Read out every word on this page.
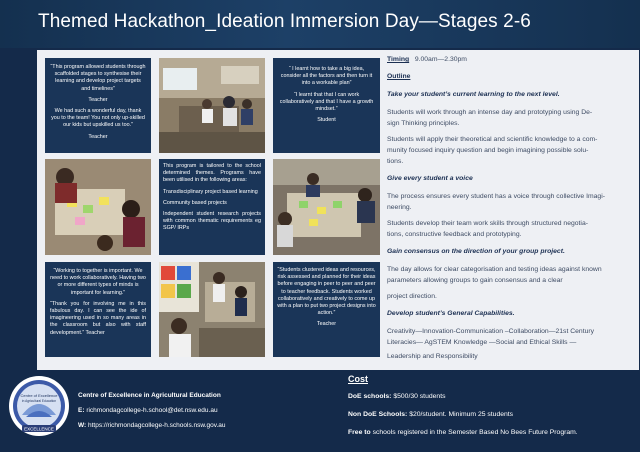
Themed Hackathon_Ideation Immersion Day—Stages 2-6

“This program allowed students through scaffolded stages to synthesise their learning and develop project targets and timelines”

Teacher

We had such a wonderful day, thank you to the team! You not only up-skilled our kids but upskilled us too.”

Teacher

“ I learnt how to take a big idea, consider all the factors and then turn it into a workable plan”

“I learnt that that I can work collaboratively and that I have a growth mindset.”

Student

This program is tailored to the school determined themes. Programs have been utilised in the following areas:

Transdisciplinary project based learning

Community based projects

Independent student research projects with common thematic requirements eg SGP/ IRPs

“Working to together is important. We need to work collaboratively. Having two or more different types of minds is important for learning.”

“Thank you for involving me in this fabulous day. I can see the ide of imagineering used in so many areas in the classroom but also with staff development.” Teacher

“Students clustered ideas and resources, risk assessed and planned for their ideas before engaging in peer to peer and peer to teacher feedback. Students worked collaboratively and creatively to come up with a plan to put two project designs into action.”

Teacher

Timing 9.00am—2.30pm
Outline
Take your student’s current learning to the next level.
Students will work through an intense day and prototyping using De-
sign Thinking principles.
Students will apply their theoretical and scientific knowledge to a com-
munity focused inquiry question and begin imagining possible solu-
tions.
Give every student a voice
The process ensures every student has a voice through collective Imagi-
neering.
Students develop their team work skills through structured negotia-
tions, constructive feedback and prototyping.
Gain consensus on the direction of your group project.
The day allows for clear categorisation and testing ideas against known
parameters allowing groups to gain consensus and a clear
project direction.
Develop student’s General Capabilities.
Creativity—Innovation-Communication –Collaboration—21st Century
Literacies— AgSTEM Knowledge —Social and Ethical Skills —
Leadership and Responsibility
Centre of Excellence
in Agricultural Education
EXCELLENCE
Centre of Excellence in Agricultural Education
E: richmondagcollege-h.school@det.nsw.edu.au
W: https://richmondagcollege-h.schools.nsw.gov.au
Cost
DoE schools: $500/30 students
Non DoE Schools: $20/student. Minimum 25 students
Free to schools registered in the Semester Based No Bees Future Program.
